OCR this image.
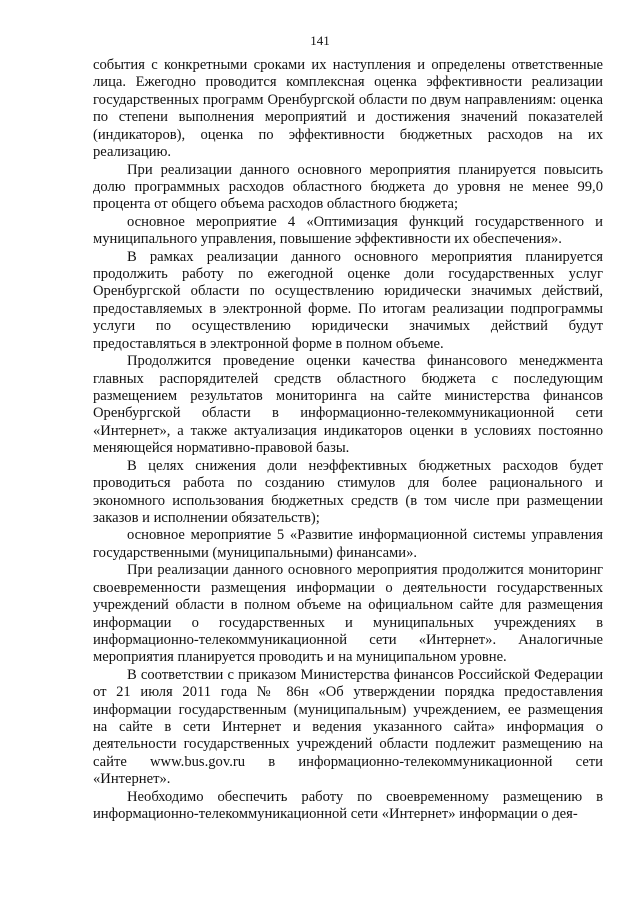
141

события с конкретными сроками их наступления и определены ответственные лица. Ежегодно проводится комплексная оценка эффективности реализации государственных программ Оренбургской области по двум направлениям: оценка по степени выполнения мероприятий и достижения значений показателей (индикаторов), оценка по эффективности бюджетных расходов на их реализацию.

При реализации данного основного мероприятия планируется повысить долю программных расходов областного бюджета до уровня не менее 99,0 процента от общего объема расходов областного бюджета;

основное мероприятие 4 «Оптимизация функций государственного и муниципального управления, повышение эффективности их обеспечения».

В рамках реализации данного основного мероприятия планируется продолжить работу по ежегодной оценке доли государственных услуг Оренбургской области по осуществлению юридически значимых действий, предоставляемых в электронной форме. По итогам реализации подпрограммы услуги по осуществлению юридически значимых действий будут предоставляться в электронной форме в полном объеме.

Продолжится проведение оценки качества финансового менеджмента главных распорядителей средств областного бюджета с последующим размещением результатов мониторинга на сайте министерства финансов Оренбургской области в информационно-телекоммуникационной сети «Интернет», а также актуализация индикаторов оценки в условиях постоянно меняющейся нормативно-правовой базы.

В целях снижения доли неэффективных бюджетных расходов будет проводиться работа по созданию стимулов для более рационального и экономного использования бюджетных средств (в том числе при размещении заказов и исполнении обязательств);

основное мероприятие 5 «Развитие информационной системы управления государственными (муниципальными) финансами».

При реализации данного основного мероприятия продолжится мониторинг своевременности размещения информации о деятельности государственных учреждений области в полном объеме на официальном сайте для размещения информации о государственных и муниципальных учреждениях в информационно-телекоммуникационной сети «Интернет». Аналогичные мероприятия планируется проводить и на муниципальном уровне.

В соответствии с приказом Министерства финансов Российской Федерации от 21 июля 2011 года № 86н «Об утверждении порядка предоставления информации государственным (муниципальным) учреждением, ее размещения на сайте в сети Интернет и ведения указанного сайта» информация о деятельности государственных учреждений области подлежит размещению на сайте www.bus.gov.ru в информационно-телекоммуникационной сети «Интернет».

Необходимо обеспечить работу по своевременному размещению в информационно-телекоммуникационной сети «Интернет» информации о дея-
